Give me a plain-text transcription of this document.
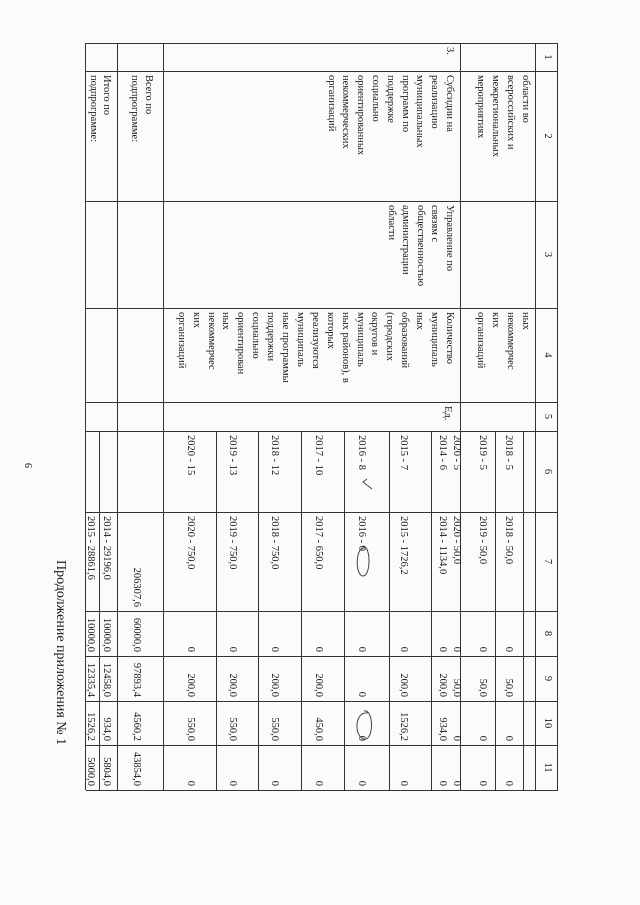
9
Продолжение приложения № 1
1
2
3
4
5
6
7
8
9
10
11
области во
всероссийских и
межрегиональных
мероприятиях
ных
некоммерчес
ких
организаций
2018 - 5
2019 - 5
2020 - 5
2018 - 50,0
2019 - 50,0
2020 - 50,0
0
0
0
50,0
50,0
50,0
0
0
0
0
0
0
3.
Субсидии на
реализацию
муниципальных
программ по
поддержке
социально
ориентированных
некоммерческих
организаций
Управление по
связям с
общественностью
администрации
области
Количество
муниципаль
ных
образований
(городских
округов и
муниципаль
ных районов), в
которых
реализуются
муниципаль
ные программы
поддержки
социально
ориентирован
ных
некоммерчес
ких
организаций
Ед.
2014 - 6
2015 - 7
2016 - 8
2017 - 10
2018 - 12
2019 - 13
2020 - 15
2014 - 1134,0
2015 - 1726,2
2016 - 0
2017 - 650,0
2018 - 750,0
2019 - 750,0
2020 - 750,0
0
0
0
0
0
0
0
200,0
200,0
0
200,0
200,0
200,0
200,0
934,0
1526,2
0
450,0
550,0
550,0
550,0
0
0
0
0
0
0
0
Всего по
подпрограмме:
206307,6
60000,0
97893,4
4560,2
43854,0
Итого по
подпрограмме:
2014 - 29196,0
2015 - 28861,6
10000,0
10000,0
12458,0
12335,4
934,0
1526,2
5804,0
5000,0
